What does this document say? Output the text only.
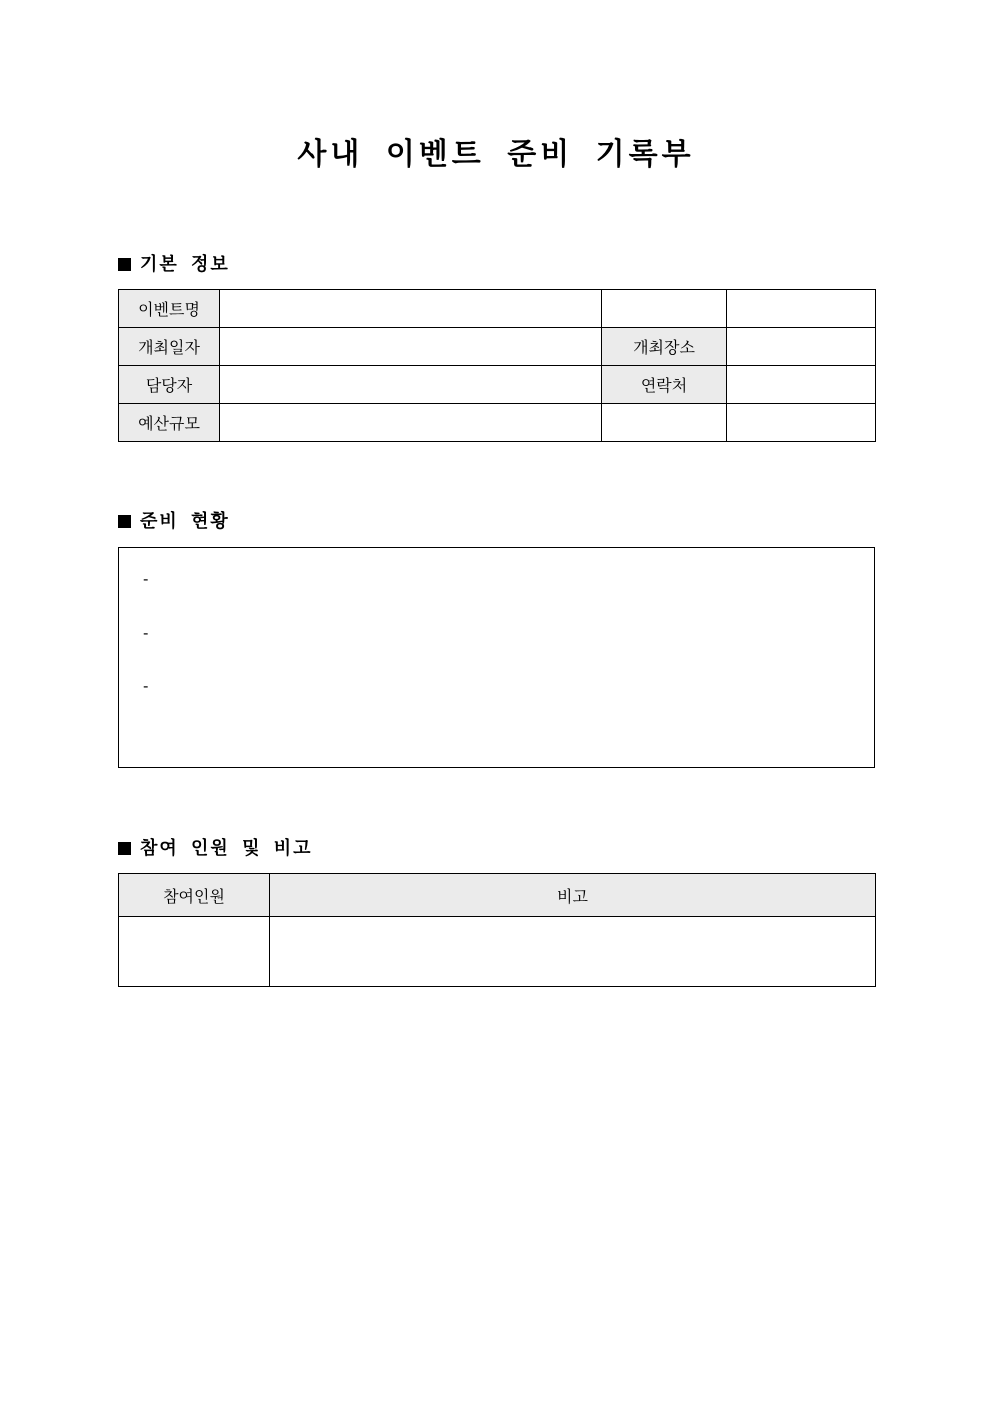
사내 이벤트 준비 기록부
기본 정보
이벤트명			
개최일자		개최장소	
담당자		연락처	
예산규모			
준비 현황
-
-
-
참여 인원 및 비고
참여인원	비고
